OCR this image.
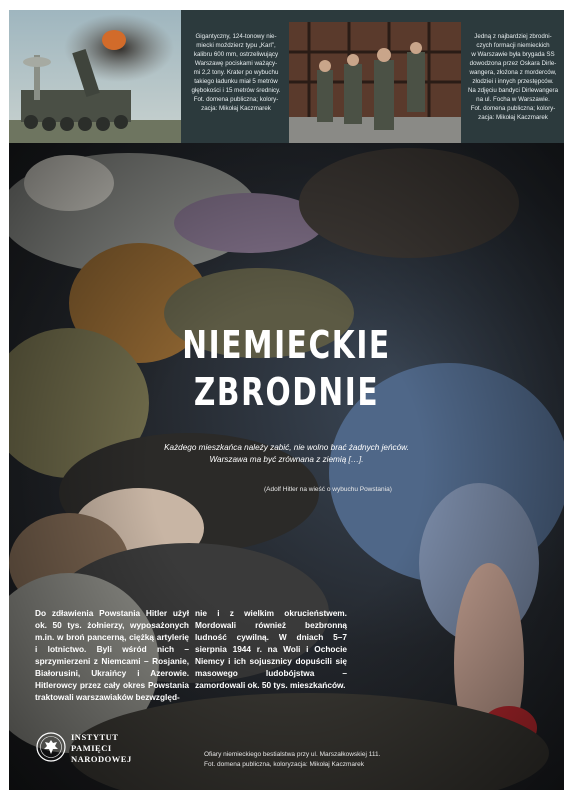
Gigantyczny, 124-tonowy nie-
miecki moździerz typu „Karl”,
kalibru 600 mm, ostrzeliwujący
Warszawę pociskami ważący-
mi 2,2 tony. Krater po wybuchu
takiego ładunku miał 5 metrów
głębokości i 15 metrów średnicy.
Fot. domena publiczna; kolory-
zacja: Mikołaj Kaczmarek
Jedną z najbardziej zbrodni-
czych formacji niemieckich
w Warszawie była brygada SS
dowodzona przez Oskara Dirle-
wangera, złożona z morderców,
złodziei i innych przestępców.
Na zdjęciu bandyci Dirlewangera
na ul. Focha w Warszawie.
Fot. domena publiczna; kolory-
zacja: Mikołaj Kaczmarek
NIEMIECKIE
ZBRODNIE
Każdego mieszkańca należy zabić, nie wolno brać żadnych jeńców. Warszawa ma być zrównana z ziemią […].
(Adolf Hitler na wieść o wybuchu Powstania)
Do zdławienia Powstania Hitler użył ok. 50 tys. żołnierzy, wyposażonych m.in. w broń pancerną, ciężką artylerię i lotnictwo. Byli wśród nich – sprzymierzeni z Niemcami – Rosjanie, Białorusini, Ukraińcy i Azerowie. Hitlerowcy przez cały okres Powstania traktowali warszawiaków bezwzględ-
nie i z wielkim okrucieństwem. Mordowali również bezbronną ludność cywilną. W dniach 5–7 sierpnia 1944 r. na Woli i Ochocie Niemcy i ich sojusznicy dopuścili się masowego ludobójstwa – zamordowali ok. 50 tys. mieszkańców.
INSTYTUT
PAMIĘCI
NARODOWEJ	Ofiary niemieckiego bestialstwa przy ul. Marszałkowskiej 111.
Fot. domena publiczna, koloryzacja: Mikołaj Kaczmarek
